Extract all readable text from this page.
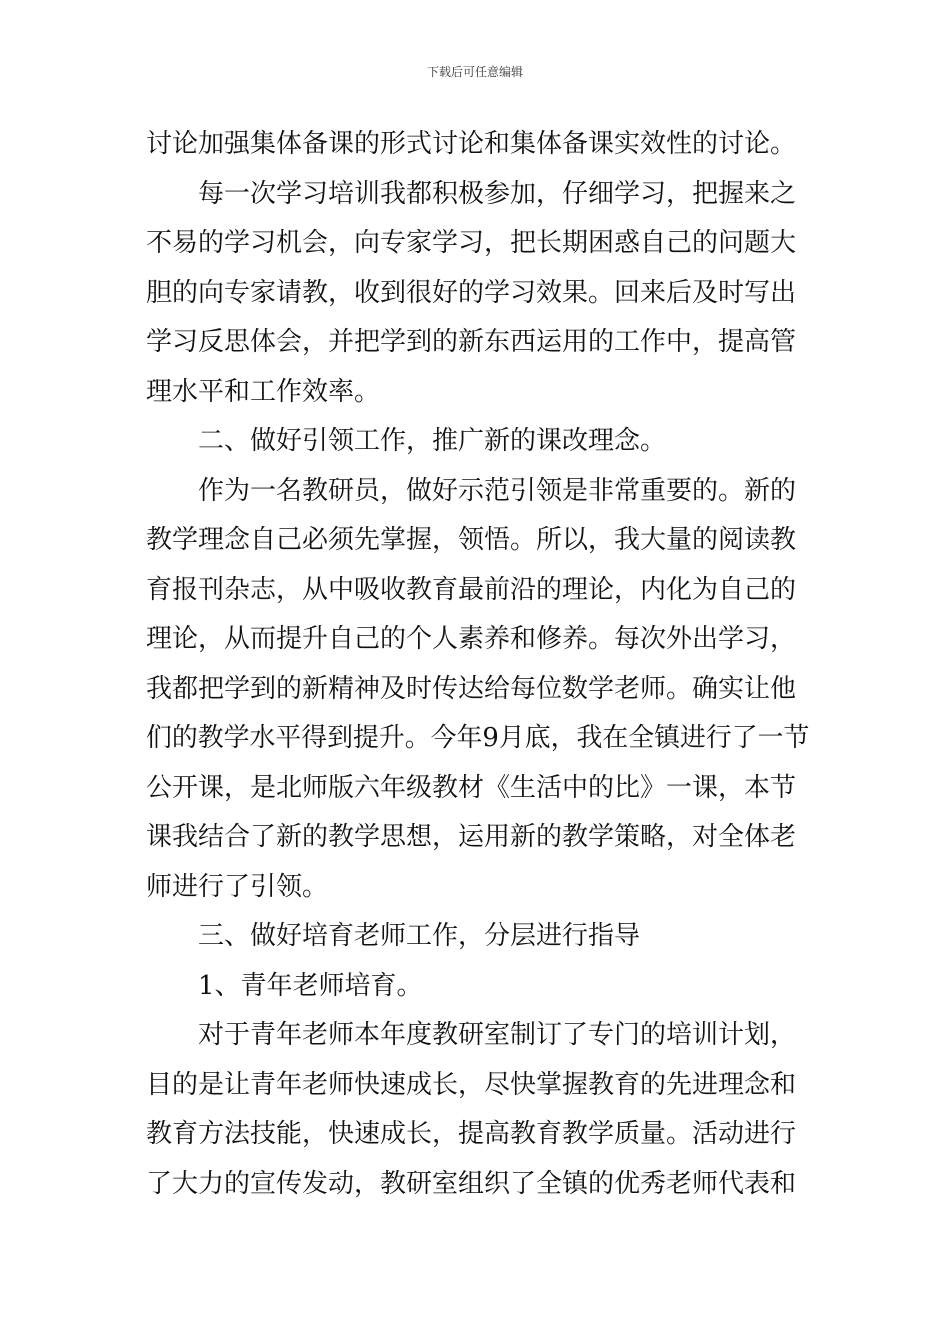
下载后可任意编辑
讨论加强集体备课的形式讨论和集体备课实效性的讨论。
每一次学习培训我都积极参加，仔细学习，把握来之
不易的学习机会，向专家学习，把长期困惑自己的问题大
胆的向专家请教，收到很好的学习效果。回来后及时写出
学习反思体会，并把学到的新东西运用的工作中，提高管
理水平和工作效率。
二、做好引领工作，推广新的课改理念。
作为一名教研员，做好示范引领是非常重要的。新的
教学理念自己必须先掌握，领悟。所以，我大量的阅读教
育报刊杂志，从中吸收教育最前沿的理论，内化为自己的
理论，从而提升自己的个人素养和修养。每次外出学习，
我都把学到的新精神及时传达给每位数学老师。确实让他
们的教学水平得到提升。今年9月底，我在全镇进行了一节
公开课，是北师版六年级教材《生活中的比》一课，本节
课我结合了新的教学思想，运用新的教学策略，对全体老
师进行了引领。
三、做好培育老师工作，分层进行指导
1、青年老师培育。
对于青年老师本年度教研室制订了专门的培训计划，
目的是让青年老师快速成长，尽快掌握教育的先进理念和
教育方法技能，快速成长，提高教育教学质量。活动进行
了大力的宣传发动，教研室组织了全镇的优秀老师代表和
